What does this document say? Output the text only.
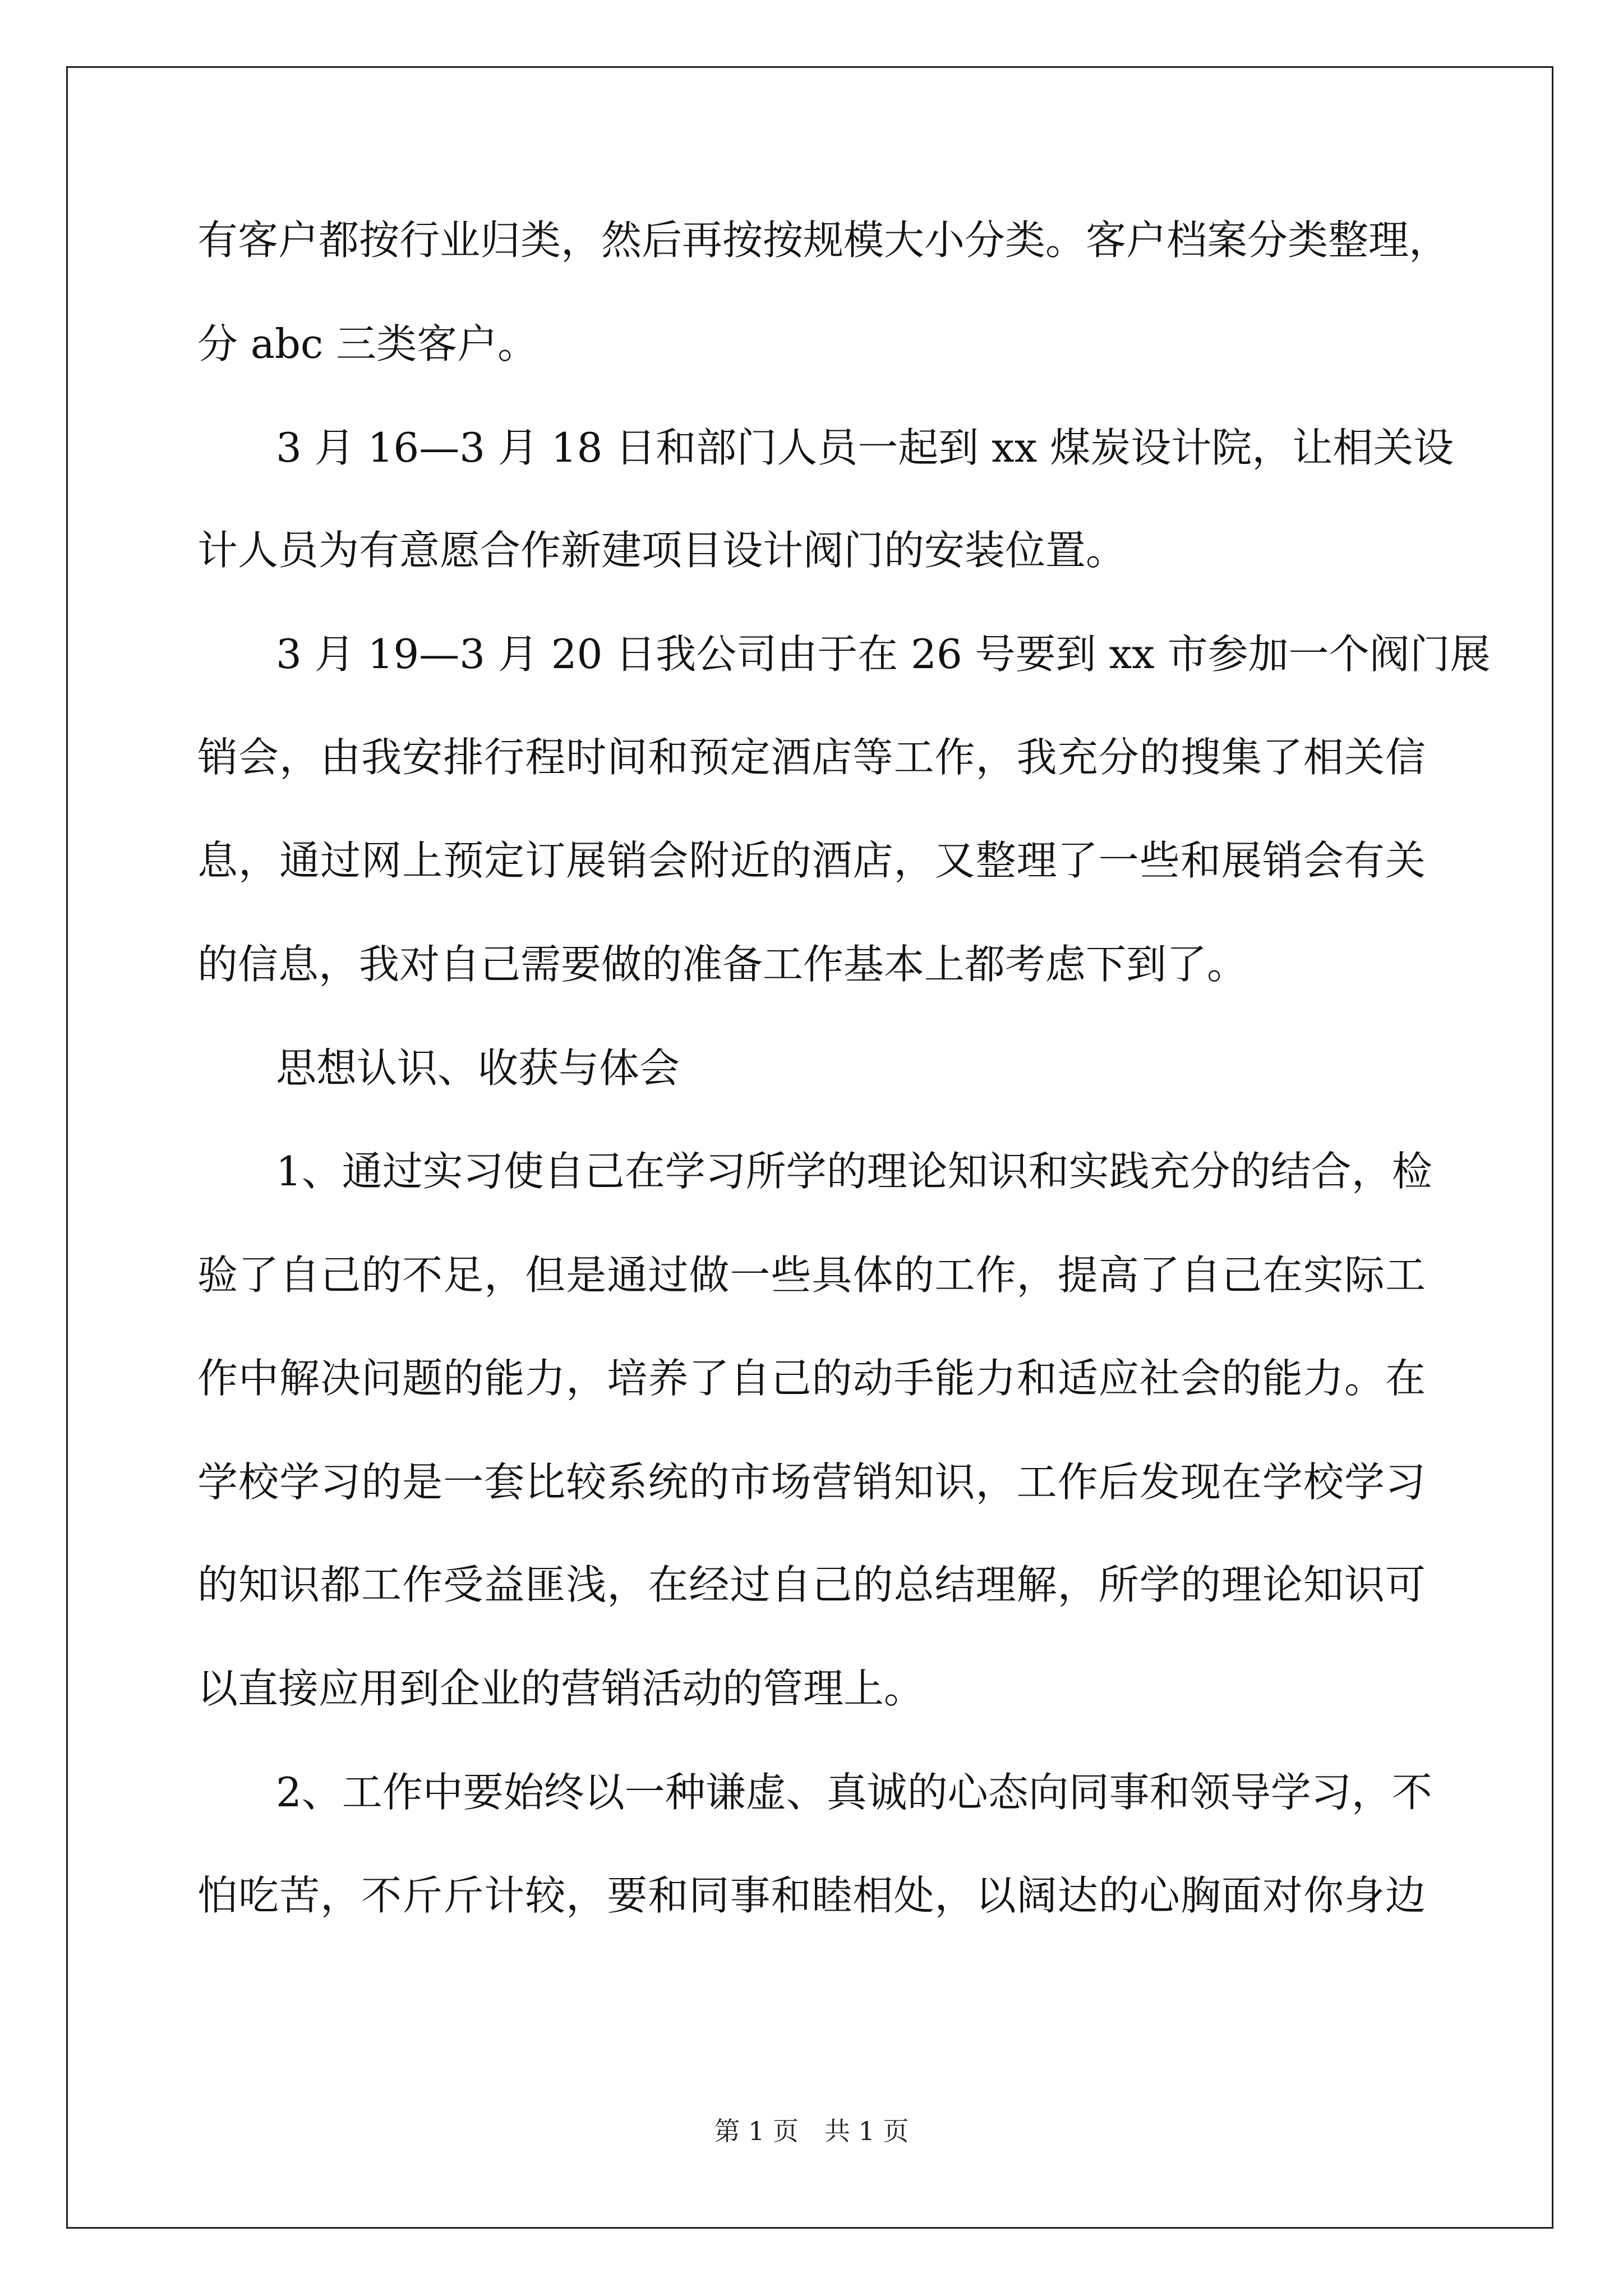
有客户都按行业归类，然后再按按规模大小分类。客户档案分类整理，
分 abc 三类客户。
3 月 16—3 月 18 日和部门人员一起到 xx 煤炭设计院，让相关设
计人员为有意愿合作新建项目设计阀门的安装位置。
3 月 19—3 月 20 日我公司由于在 26 号要到 xx 市参加一个阀门展
销会，由我安排行程时间和预定酒店等工作，我充分的搜集了相关信
息，通过网上预定订展销会附近的酒店，又整理了一些和展销会有关
的信息，我对自己需要做的准备工作基本上都考虑下到了。
思想认识、收获与体会
1、通过实习使自己在学习所学的理论知识和实践充分的结合，检
验了自己的不足，但是通过做一些具体的工作，提高了自己在实际工
作中解决问题的能力，培养了自己的动手能力和适应社会的能力。在
学校学习的是一套比较系统的市场营销知识，工作后发现在学校学习
的知识都工作受益匪浅，在经过自己的总结理解，所学的理论知识可
以直接应用到企业的营销活动的管理上。
2、工作中要始终以一种谦虚、真诚的心态向同事和领导学习，不
怕吃苦，不斤斤计较，要和同事和睦相处，以阔达的心胸面对你身边
第 1 页　共 1 页
